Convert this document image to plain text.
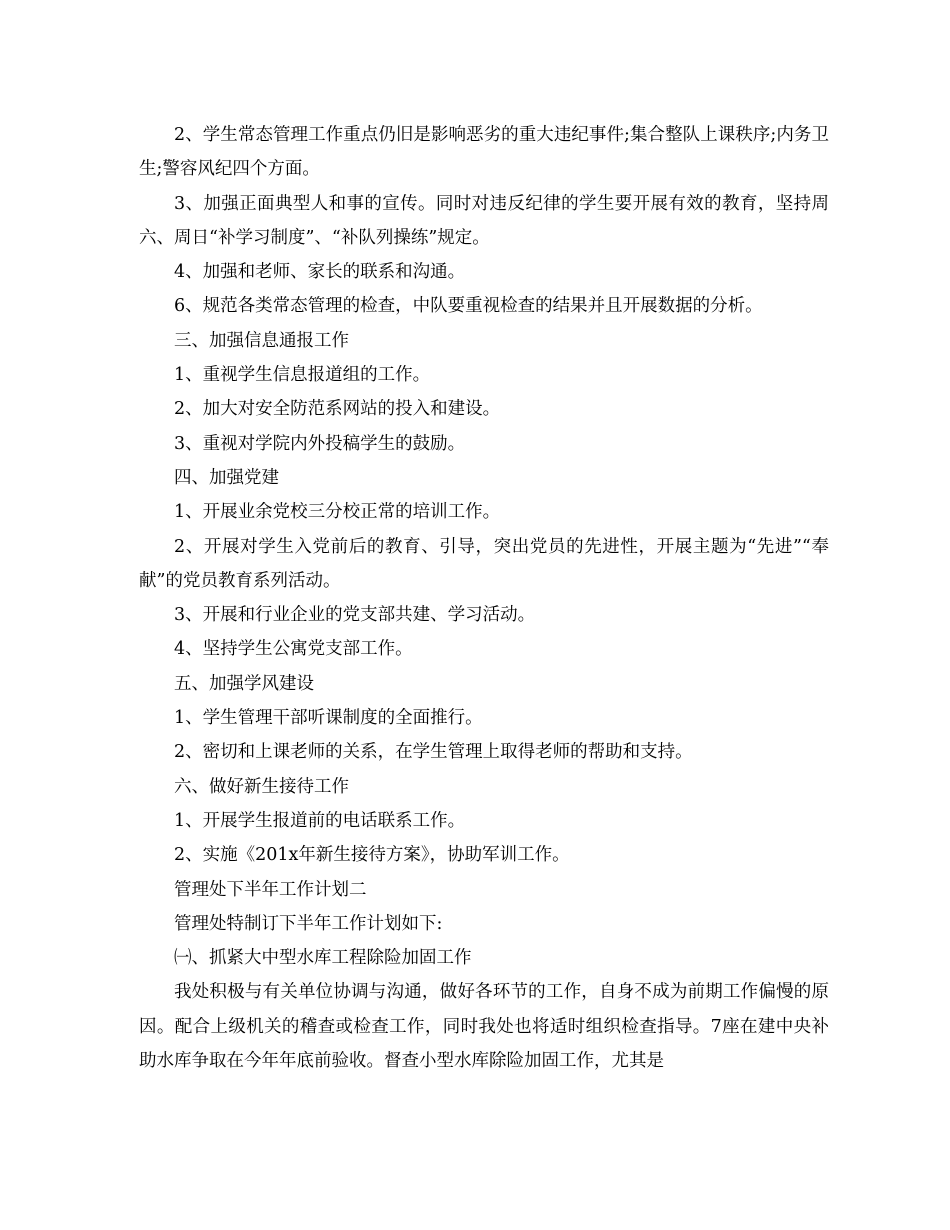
2、学生常态管理工作重点仍旧是影响恶劣的重大违纪事件;集合整队上课秩序;内务卫生;警容风纪四个方面。

3、加强正面典型人和事的宣传。同时对违反纪律的学生要开展有效的教育，坚持周六、周日“补学习制度”、“补队列操练”规定。

4、加强和老师、家长的联系和沟通。

6、规范各类常态管理的检查，中队要重视检查的结果并且开展数据的分析。

三、加强信息通报工作

1、重视学生信息报道组的工作。

2、加大对安全防范系网站的投入和建设。

3、重视对学院内外投稿学生的鼓励。

四、加强党建

1、开展业余党校三分校正常的培训工作。

2、开展对学生入党前后的教育、引导，突出党员的先进性，开展主题为“先进”“奉献”的党员教育系列活动。

3、开展和行业企业的党支部共建、学习活动。

4、坚持学生公寓党支部工作。

五、加强学风建设

1、学生管理干部听课制度的全面推行。

2、密切和上课老师的关系，在学生管理上取得老师的帮助和支持。

六、做好新生接待工作

1、开展学生报道前的电话联系工作。

2、实施《201x年新生接待方案》，协助军训工作。

管理处下半年工作计划二

管理处特制订下半年工作计划如下:

㈠、抓紧大中型水库工程除险加固工作

我处积极与有关单位协调与沟通，做好各环节的工作，自身不成为前期工作偏慢的原因。配合上级机关的稽查或检查工作，同时我处也将适时组织检查指导。7座在建中央补助水库争取在今年年底前验收。督查小型水库除险加固工作，尤其是
